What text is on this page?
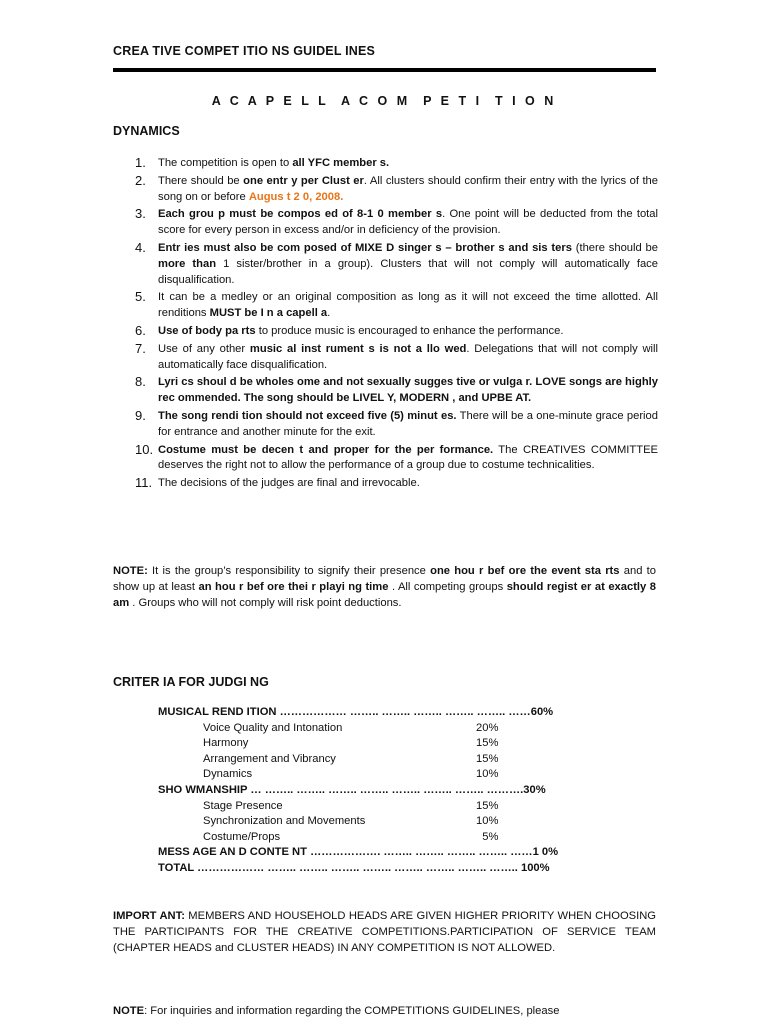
CREA TIVE COMPET ITIO NS GUIDEL INES
A C A P E L L  A C O M  P E T I  T I O N
DYNAMICS
1. The competition is open to all YFC member s.
2. There should be one entr y per Clust er. All clusters should confirm their entry with the lyrics of the song on or before Augus t 2 0, 2008.
3. Each grou p must be compos ed of 8-1 0 member s. One point will be deducted from the total score for every person in excess and/or in deficiency of the provision.
4. Entr ies must also be com posed of MIXE D singer s – brother s and sis ters (there should be more than 1 sister/brother in a group). Clusters that will not comply will automatically face disqualification.
5. It can be a medley or an original composition as long as it will not exceed the time allotted. All renditions MUST be I n a capell a.
6. Use of body pa rts to produce music is encouraged to enhance the performance.
7. Use of any other music al inst rument s is not a llo wed. Delegations that will not comply will automatically face disqualification.
8. Lyri cs shoul d be wholes ome and not sexually sugges tive or vulga r. LOVE songs are highly rec ommended. The song should be LIVEL Y, MODERN , and UPBE AT.
9. The song rendi tion should not exceed five (5) minut es. There will be a one-minute grace period for entrance and another minute for the exit.
10. Costume must be decen t and proper for the per formance. The CREATIVES COMMITTEE deserves the right not to allow the performance of a group due to costume technicalities.
11. The decisions of the judges are final and irrevocable.
NOTE: It is the group’s responsibility to signify their presence one hou r bef ore the event sta rts and to show up at least an hou r bef ore thei r playi ng time . All competing groups should regist er at exactly 8 am . Groups who will not comply will risk point deductions.
CRITER IA FOR JUDGI NG
MUSICAL REND ITION ……………… …….. …….. …….. …….. …….. ……60%
Voice Quality and Intonation	20%
Harmony	15%
Arrangement and Vibrancy	15%
Dynamics	10%
SHO WMANSHIP … …….. …….. …….. …….. …….. …….. …….. ……….30%
Stage Presence	15%
Synchronization and Movements	10%
Costume/Props	5%
MESS AGE AN D CONTE NT ………………. …….. …….. …….. …….. ……1 0%
TOTAL ……………… …….. …….. …….. …….. …….. …….. …….. …….. 100%
IMPORT ANT: MEMBERS AND HOUSEHOLD HEADS ARE GIVEN HIGHER PRIORITY WHEN CHOOSING THE PARTICIPANTS FOR THE CREATIVE COMPETITIONS.PARTICIPATION OF SERVICE TEAM (CHAPTER HEADS and CLUSTER HEADS) IN ANY COMPETITION IS NOT ALLOWED.
NOTE: For inquiries and information regarding the COMPETITIONS GUIDELINES, please
